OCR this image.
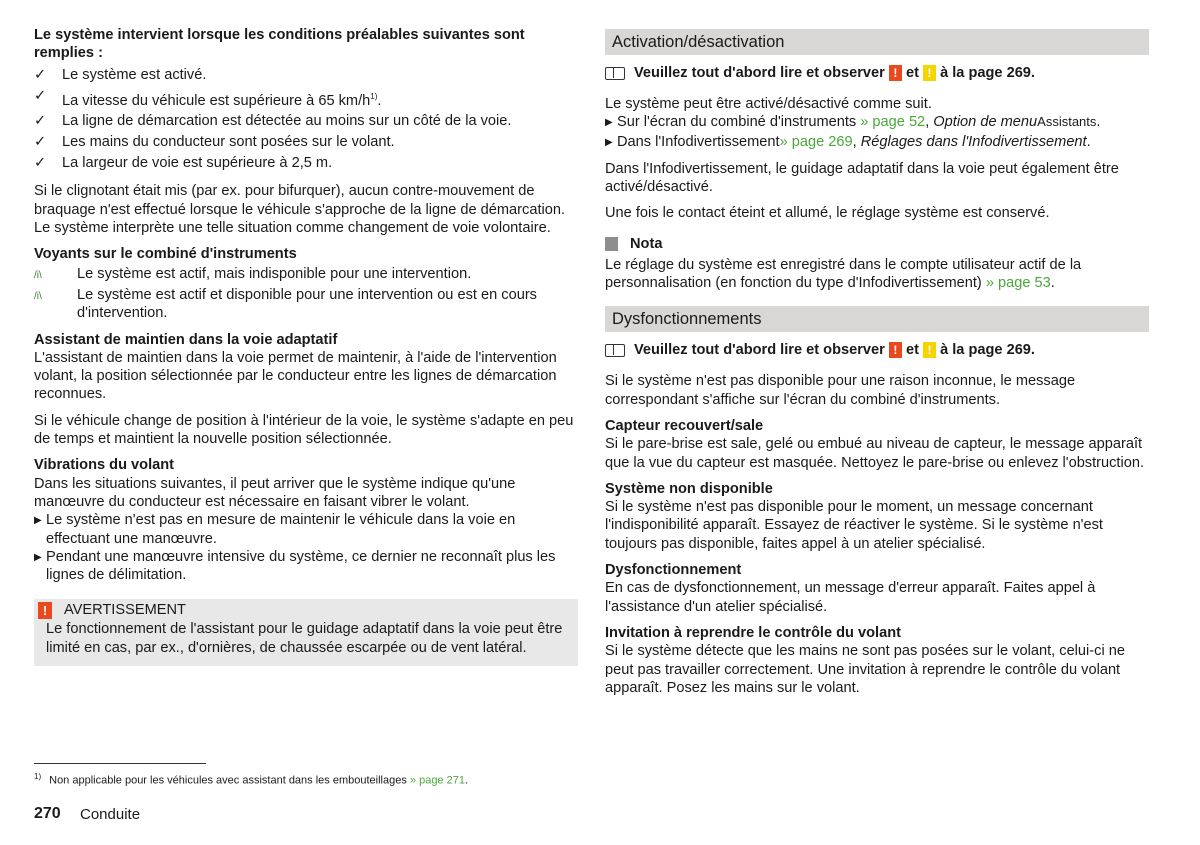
Le système intervient lorsque les conditions préalables suivantes sont remplies :

✓	Le système est activé.
✓	La vitesse du véhicule est supérieure à 65 $km/h^{1)}$.
✓	La ligne de démarcation est détectée au moins sur un côté de la voie.
✓	Les mains du conducteur sont posées sur le volant.
✓	La largeur de voie est supérieure à 2,5 m.

Si le clignotant était mis (par ex. pour bifurquer), aucun contre-mouvement de braquage n'est effectué lorsque le véhicule s'approche de la ligne de démarcation. Le système interprète une telle situation comme changement de voie volontaire.

Voyants sur le combiné d'instruments

/i\	Le système est actif, mais indisponible pour une intervention.
/i\	Le système est actif et disponible pour une intervention ou est en cours d'intervention.

Assistant de maintien dans la voie adaptatif

L'assistant de maintien dans la voie permet de maintenir, à l'aide de l'intervention volant, la position sélectionnée par le conducteur entre les lignes de démarcation reconnues.

Si le véhicule change de position à l'intérieur de la voie, le système s'adapte en peu de temps et maintient la nouvelle position sélectionnée.

Vibrations du volant

Dans les situations suivantes, il peut arriver que le système indique qu'une manœuvre du conducteur est nécessaire en faisant vibrer le volant.

▶ Le système n'est pas en mesure de maintenir le véhicule dans la voie en effectuant une manœuvre.
▶ Pendant une manœuvre intensive du système, ce dernier ne reconnaît plus les lignes de délimitation.
!	AVERTISSEMENT

Le fonctionnement de l'assistant pour le guidage adaptatif dans la voie peut être limité en cas, par ex., d'ornières, de chaussée escarpée ou de vent latéral.

Activation/désactivation
Veuillez tout d'abord lire et observer
!
et
!
à la page 269.

Le système peut être activé/désactivé comme suit.

▶ Sur l'écran du combiné d'instruments » page 52, Option de menuAssistants.
▶ Dans l'Infodivertissement» page 269, Réglages dans l'Infodivertissement.

Dans l'Infodivertissement, le guidage adaptatif dans la voie peut également être activé/désactivé.

Une fois le contact éteint et allumé, le réglage système est conservé.

Nota

Le réglage du système est enregistré dans le compte utilisateur actif de la personnalisation (en fonction du type d'Infodivertissement) » page 53.

Dysfonctionnements
Veuillez tout d'abord lire et observer
!
et
!
à la page 269.

Si le système n'est pas disponible pour une raison inconnue, le message correspondant s'affiche sur l'écran du combiné d'instruments.

Capteur recouvert/sale

Si le pare-brise est sale, gelé ou embué au niveau de capteur, le message apparaît que la vue du capteur est masquée. Nettoyez le pare-brise ou enlevez l'obstruction.

Système non disponible

Si le système n'est pas disponible pour le moment, un message concernant l'indisponibilité apparaît. Essayez de réactiver le système. Si le système n'est toujours pas disponible, faites appel à un atelier spécialisé.

Dysfonctionnement

En cas de dysfonctionnement, un message d'erreur apparaît. Faites appel à l'assistance d'un atelier spécialisé.

Invitation à reprendre le contrôle du volant

Si le système détecte que les mains ne sont pas posées sur le volant, celui-ci ne peut pas travailler correctement. Une invitation à reprendre le contrôle du volant apparaît. Posez les mains sur le volant.

$^{1)}$ Non applicable pour les véhicules avec assistant dans les embouteillages » page 271.
270 Conduite
